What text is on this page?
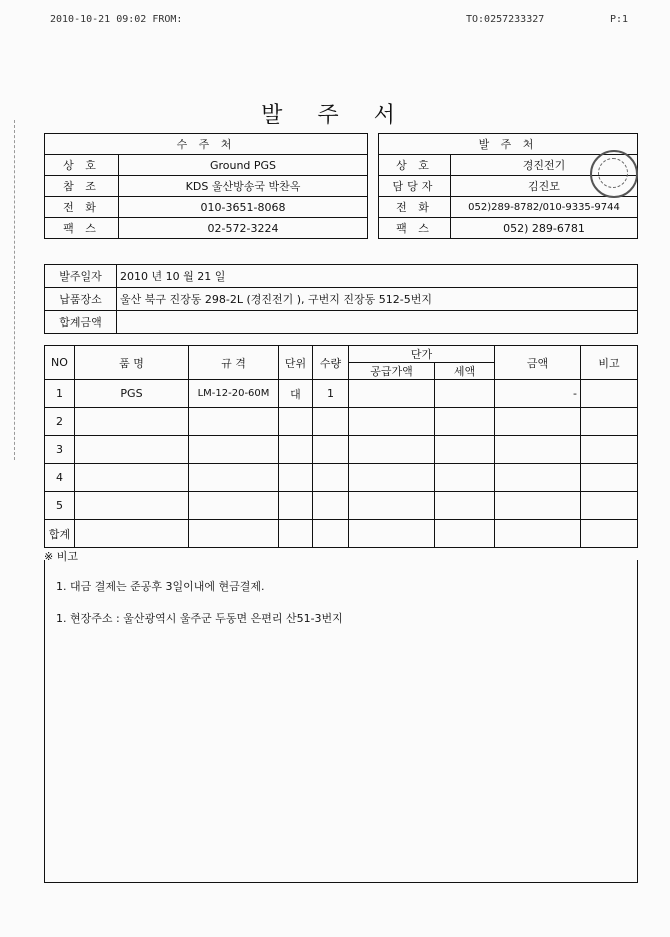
2010-10-21 09:02 FROM:	TO:0257233327	P:1
발 주 서
수 주 처	
상 호	Ground PGS
참 조	KDS 울산방송국 박찬옥
전 화	010-3651-8068
팩 스	02-572-3224
발 주 처	
상 호	경진전기
담당자	김진모
전 화	052)289-8782/010-9335-9744
팩 스	052) 289-6781
발주일자	2010 년 10 월 21 일
납품장소	울산 북구 진장동 298-2L (경진전기 ), 구번지 진장동 512-5번지
합계금액	
NO	품 명	규 격	단위	수량	단가		금액	비고
					공급가액	세액		
1	PGS	LM-12-20-60M	대	1			-	
2								
3								
4								
5								
합계								
※ 비고
1. 대금 결제는 준공후 3일이내에 현금결제.
1. 현장주소 : 울산광역시 울주군 두동면 은편리 산51-3번지
